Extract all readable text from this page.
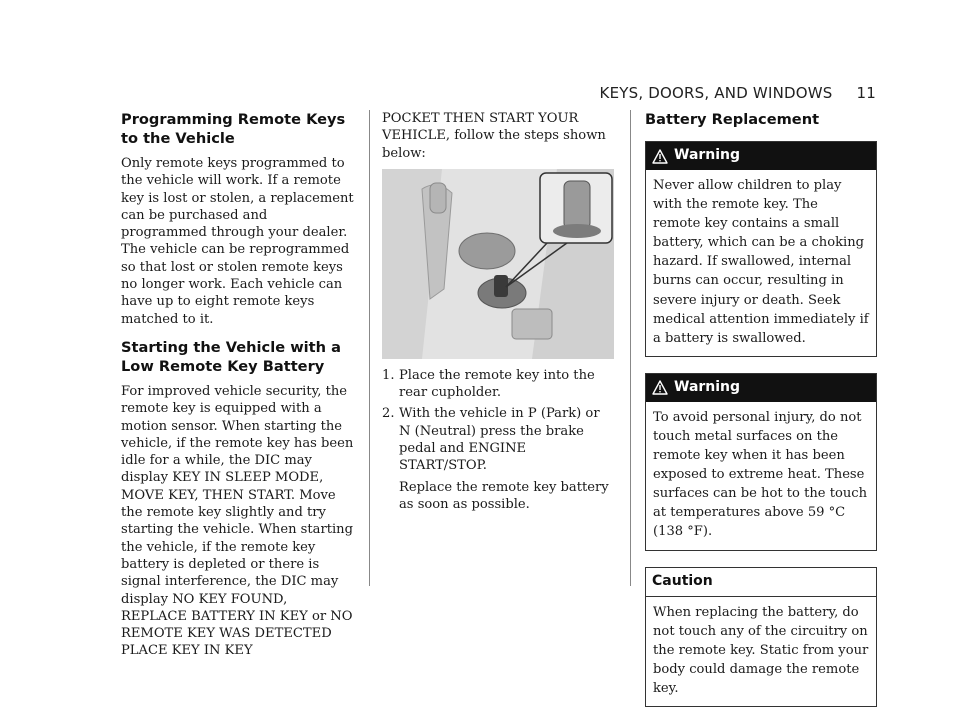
KEYS, DOORS, AND WINDOWS 11
Programming Remote Keys to the Vehicle

Only remote keys programmed to the vehicle will work. If a remote key is lost or stolen, a replacement can be purchased and programmed through your dealer. The vehicle can be reprogrammed so that lost or stolen remote keys no longer work. Each vehicle can have up to eight remote keys matched to it.

Starting the Vehicle with a Low Remote Key Battery

For improved vehicle security, the remote key is equipped with a motion sensor. When starting the vehicle, if the remote key has been idle for a while, the DIC may display KEY IN SLEEP MODE, MOVE KEY, THEN START. Move the remote key slightly and try starting the vehicle. When starting the vehicle, if the remote key battery is depleted or there is signal interference, the DIC may display NO KEY FOUND, REPLACE BATTERY IN KEY or NO REMOTE KEY WAS DETECTED PLACE KEY IN KEY

POCKET THEN START YOUR VEHICLE, follow the steps shown below:

1. Place the remote key into the rear cupholder.
2. With the vehicle in P (Park) or N (Neutral) press the brake pedal and ENGINE START/STOP.

Replace the remote key battery as soon as possible.

Battery Replacement
Warning
Never allow children to play with the remote key. The remote key contains a small battery, which can be a choking hazard. If swallowed, internal burns can occur, resulting in severe injury or death. Seek medical attention immediately if a battery is swallowed.
Warning
To avoid personal injury, do not touch metal surfaces on the remote key when it has been exposed to extreme heat. These surfaces can be hot to the touch at temperatures above 59 °C (138 °F).
Caution
When replacing the battery, do not touch any of the circuitry on the remote key. Static from your body could damage the remote key.
